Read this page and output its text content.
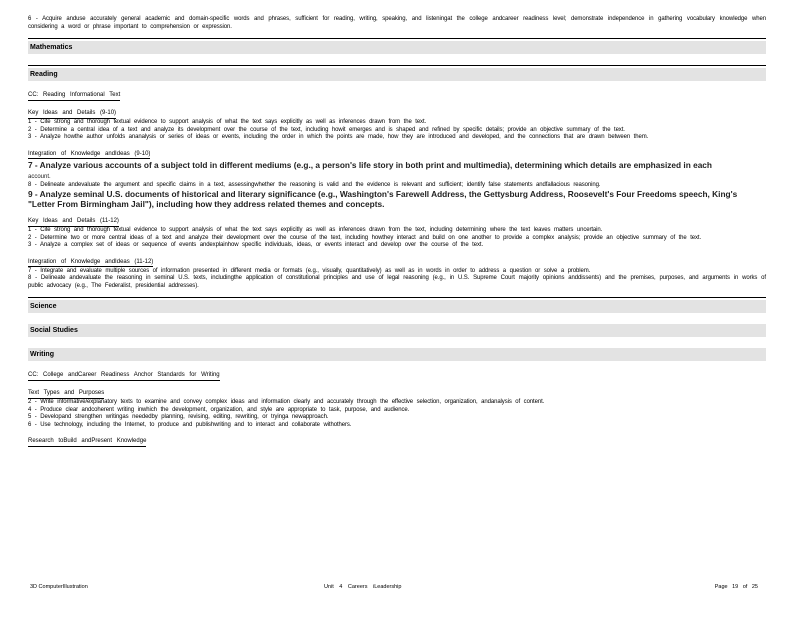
6 - Acquire anduse accurately general academic and domain-specific words and phrases, sufficient for reading, writing, speaking, and listeningat the college andcareer readiness level; demonstrate independence in gathering vocabulary knowledge when considering a word or phrase important to comprehension or expression.
Mathematics
Reading
CC: Reading Informational Text
Key Ideas and Details (9-10)
1 - Cite strong and thorough textual evidence to support analysis of what the text says explicitly as well as inferences drawn from the text.
2 - Determine a central idea of a text and analyze its development over the course of the text, including howit emerges and is shaped and refined by specific details; provide an objective summary of the text.
3 - Analyze howthe author unfolds ananalysis or series of ideas or events, including the order in which the points are made, how they are introduced and developed, and the connections that are drawn between them.
Integration of Knowledge andIdeas (9-10)
7 - Analyze various accounts of a subject told in different mediums (e.g., a person's life story in both print and multimedia), determining which details are emphasized in each
account.
8 - Delineate andevaluate the argument and specific claims in a text, assessingwhether the reasoning is valid and the evidence is relevant and sufficient; identify false statements andfallacious reasoning.
9 - Analyze seminal U.S. documents of historical and literary significance (e.g., Washington's Farewell Address, the Gettysburg Address, Roosevelt's Four Freedoms speech, King's "Letter From Birmingham Jail"), including how they address related themes and concepts.
Key Ideas and Details (11-12)
1 - Cite strong and thorough textual evidence to support analysis of what the text says explicitly as well as inferences drawn from the text, including determining where the text leaves matters uncertain.
2 - Determine two or more central ideas of a text and analyze their development over the course of the text, including howthey interact and build on one another to provide a complex analysis; provide an objective summary of the text.
3 - Analyze a complex set of ideas or sequence of events andexplainhow specific individuals, ideas, or events interact and develop over the course of the text.
Integration of Knowledge andIdeas (11-12)
7 - Integrate and evaluate multiple sources of information presented in different media or formats (e.g., visually, quantitatively) as well as in words in order to address a question or solve a problem.
8 - Delineate andevaluate the reasoning in seminal U.S. texts, includingthe application of constitutional principles and use of legal reasoning (e.g., in U.S. Supreme Court majority opinions anddissents) and the premises, purposes, and arguments in works of public advocacy (e.g., The Federalist, presidential addresses).
Science
Social Studies
Writing
CC: College andCareer Readiness Anchor Standards for Writing
Text Types and Purposes
2 - Write informative/explanatory texts to examine and convey complex ideas and information clearly and accurately through the effective selection, organization, andanalysis of content.
4 - Produce clear andcoherent writing inwhich the development, organization, and style are appropriate to task, purpose, and audience.
5 - Developand strengthen writingas neededby planning, revising, editing, rewriting, or tryinga newapproach.
6 - Use technology, including the Internet, to produce and publishwriting and to interact and collaborate withothers.
Research toBuild andPresent Knowledge
3D ComputerIllustration	Unit 4 Careers iLeadership	Page 19 of 25
